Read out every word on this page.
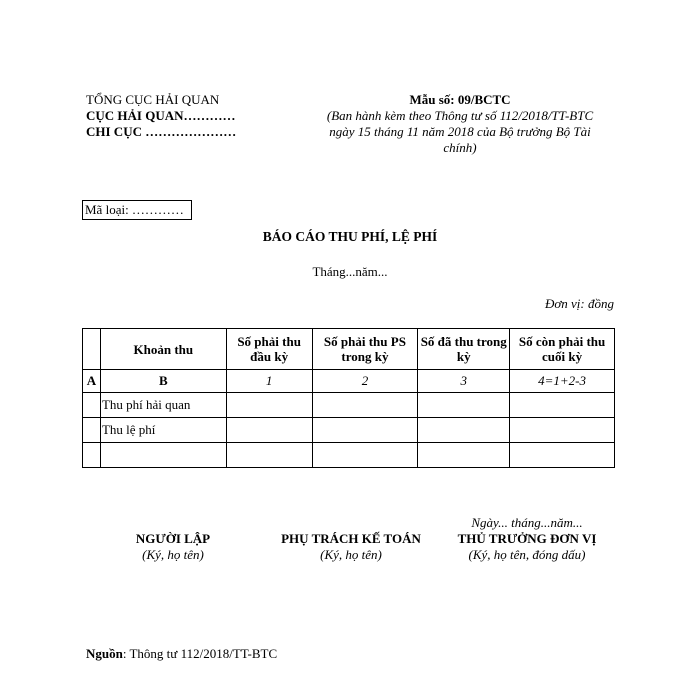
TỔNG CỤC HẢI QUAN
CỤC HẢI QUAN…………
CHI CỤC …………………
Mẫu số: 09/BCTC
(Ban hành kèm theo Thông tư số 112/2018/TT-BTC
ngày 15 tháng 11 năm 2018 của Bộ trưởng Bộ Tài
chính)
Mã loại: …………
BÁO CÁO THU PHÍ, LỆ PHÍ
Tháng...năm...
Đơn vị: đồng
	Khoản thu	Số phải thu đầu kỳ	Số phải thu PS trong kỳ	Số đã thu trong kỳ	Số còn phải thu cuối kỳ
A	B	1	2	3	4=1+2-3
	Thu phí hải quan				
	Thu lệ phí				

Ngày... tháng...năm...
NGƯỜI LẬP
(Ký, họ tên)
PHỤ TRÁCH KẾ TOÁN
(Ký, họ tên)
THỦ TRƯỞNG ĐƠN VỊ
(Ký, họ tên, đóng dấu)
Nguồn: Thông tư 112/2018/TT-BTC
